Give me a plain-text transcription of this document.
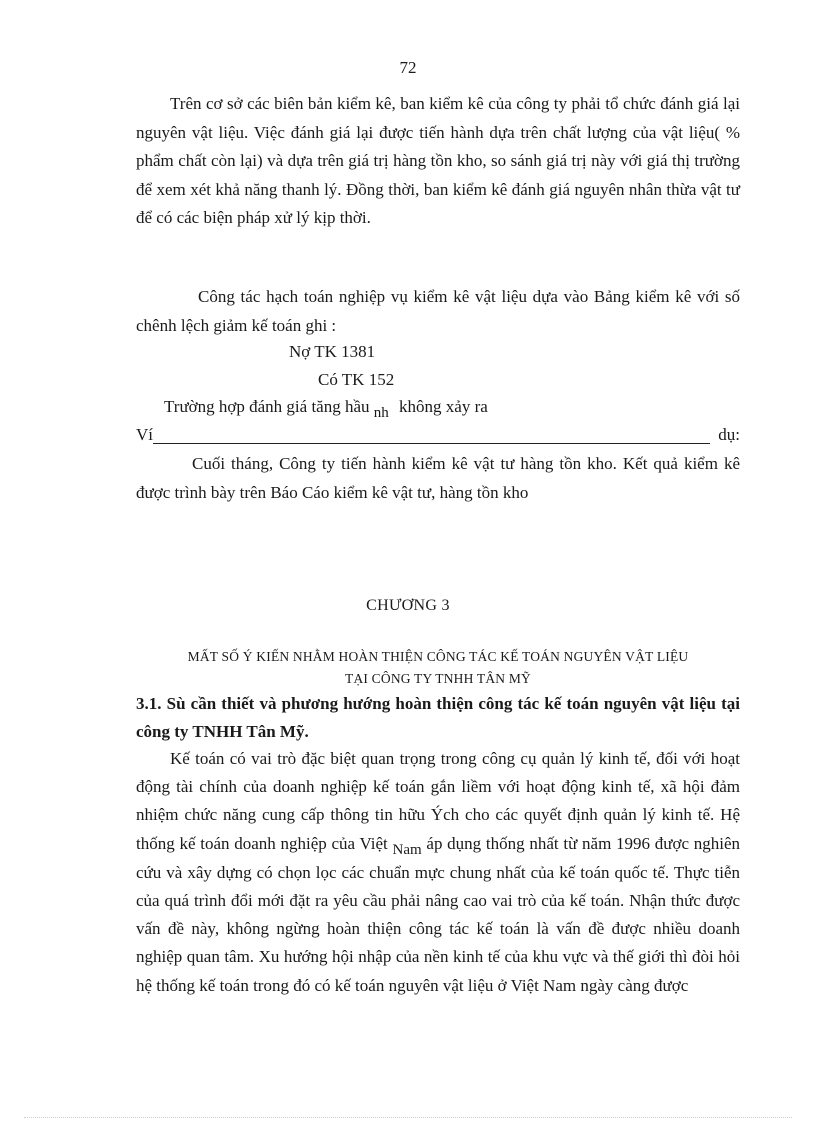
72

Trên cơ sở các biên bản kiểm kê, ban kiểm kê của công ty phải tổ chức đánh giá lại nguyên vật liệu. Việc đánh giá lại được tiến hành dựa trên chất lượng của vật liệu( % phẩm chất còn lại) và dựa trên giá trị hàng tồn kho, so sánh giá trị này với giá thị trường để xem xét khả năng thanh lý. Đồng thời, ban kiểm kê đánh giá nguyên nhân thừa vật tư để có các biện pháp xử lý kịp thời.

Công tác hạch toán nghiệp vụ kiểm kê vật liệu dựa vào Bảng kiểm kê với số chênh lệch giảm kế toán ghi :

Nợ TK 1381
Có TK 152
Trường hợp đánh giá tăng hầu nh không xảy ra
Ví	dụ:

Cuối tháng, Công ty tiến hành kiểm kê vật tư hàng tồn kho. Kết quả kiểm kê được trình bày trên Báo Cáo kiểm kê vật tư, hàng tồn kho

CHƯƠNG 3
MẤT SỐ Ý KIẾN NHẰM HOÀN THIỆN CÔNG TÁC KẾ TOÁN NGUYÊN VẬT LIỆU
TẠI CÔNG TY TNHH TÂN MỸ

3.1. Sù cần thiết và phương hướng hoàn thiện công tác kế toán nguyên vật liệu tại công ty TNHH Tân Mỹ.

Kế toán có vai trò đặc biệt quan trọng trong công cụ quản lý kinh tế, đối với hoạt động tài chính của doanh nghiệp kế toán gắn liềm với hoạt động kinh tế, xã hội đảm nhiệm chức năng cung cấp thông tin hữu Ých cho các quyết định quản lý kinh tế. Hệ thống kế toán doanh nghiệp của Việt Nam áp dụng thống nhất từ năm 1996 được nghiên cứu và xây dựng có chọn lọc các chuẩn mực chung nhất của kế toán quốc tế. Thực tiễn của quá trình đổi mới đặt ra yêu cầu phải nâng cao vai trò của kế toán. Nhận thức được vấn đề này, không ngừng hoàn thiện công tác kế toán là vấn đề được nhiều doanh nghiệp quan tâm. Xu hướng hội nhập của nền kinh tế của khu vực và thế giới thì đòi hỏi hệ thống kế toán trong đó có kế toán nguyên vật liệu ở Việt Nam ngày càng được
